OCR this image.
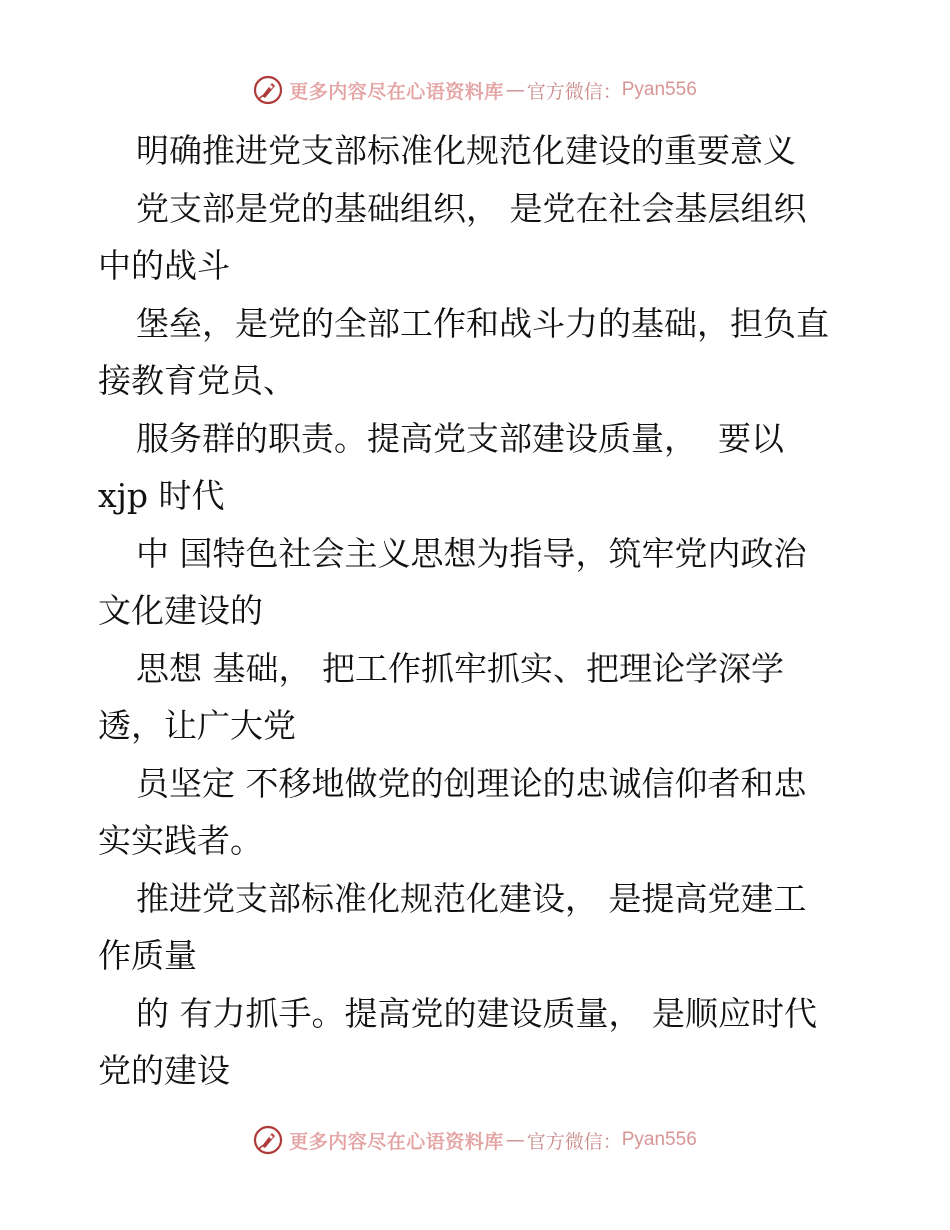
更多内容尽在心语资料库 — 官方微信： Pyan556
明确推进党支部标准化规范化建设的重要意义
党支部是党的基础组织， 是党在社会基层组织
中的战斗
堡垒，是党的全部工作和战斗力的基础，担负直
接教育党员、
服务群的职责。提高党支部建设质量，  要以
xjp 时代
中 国特色社会主义思想为指导，筑牢党内政治
文化建设的
思想 基础， 把工作抓牢抓实、把理论学深学
透，让广大党
员坚定 不移地做党的创理论的忠诚信仰者和忠
实实践者。
推进党支部标准化规范化建设， 是提高党建工
作质量
的 有力抓手。提高党的建设质量， 是顺应时代
党的建设
更多内容尽在心语资料库 — 官方微信： Pyan556
